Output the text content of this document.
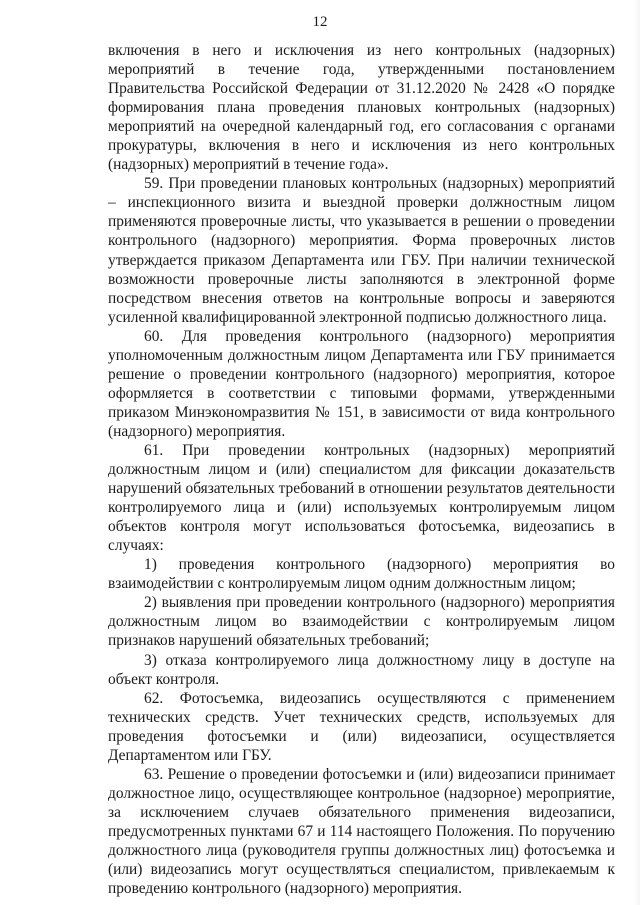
12

включения в него и исключения из него контрольных (надзорных) мероприятий в течение года, утвержденными постановлением Правительства Российской Федерации от 31.12.2020 № 2428 «О порядке формирования плана проведения плановых контрольных (надзорных) мероприятий на очередной календарный год, его согласования с органами прокуратуры, включения в него и исключения из него контрольных (надзорных) мероприятий в течение года».

59. При проведении плановых контрольных (надзорных) мероприятий – инспекционного визита и выездной проверки должностным лицом применяются проверочные листы, что указывается в решении о проведении контрольного (надзорного) мероприятия. Форма проверочных листов утверждается приказом Департамента или ГБУ. При наличии технической возможности проверочные листы заполняются в электронной форме посредством внесения ответов на контрольные вопросы и заверяются усиленной квалифицированной электронной подписью должностного лица.

60. Для проведения контрольного (надзорного) мероприятия уполномоченным должностным лицом Департамента или ГБУ принимается решение о проведении контрольного (надзорного) мероприятия, которое оформляется в соответствии с типовыми формами, утвержденными приказом Минэкономразвития № 151, в зависимости от вида контрольного (надзорного) мероприятия.

61. При проведении контрольных (надзорных) мероприятий должностным лицом и (или) специалистом для фиксации доказательств нарушений обязательных требований в отношении результатов деятельности контролируемого лица и (или) используемых контролируемым лицом объектов контроля могут использоваться фотосъемка, видеозапись в случаях:

1) проведения контрольного (надзорного) мероприятия во взаимодействии с контролируемым лицом одним должностным лицом;

2) выявления при проведении контрольного (надзорного) мероприятия должностным лицом во взаимодействии с контролируемым лицом признаков нарушений обязательных требований;

3) отказа контролируемого лица должностному лицу в доступе на объект контроля.

62. Фотосъемка, видеозапись осуществляются с применением технических средств. Учет технических средств, используемых для проведения фотосъемки и (или) видеозаписи, осуществляется Департаментом или ГБУ.

63. Решение о проведении фотосъемки и (или) видеозаписи принимает должностное лицо, осуществляющее контрольное (надзорное) мероприятие, за исключением случаев обязательного применения видеозаписи, предусмотренных пунктами 67 и 114 настоящего Положения. По поручению должностного лица (руководителя группы должностных лиц) фотосъемка и (или) видеозапись могут осуществляться специалистом, привлекаемым к проведению контрольного (надзорного) мероприятия.
